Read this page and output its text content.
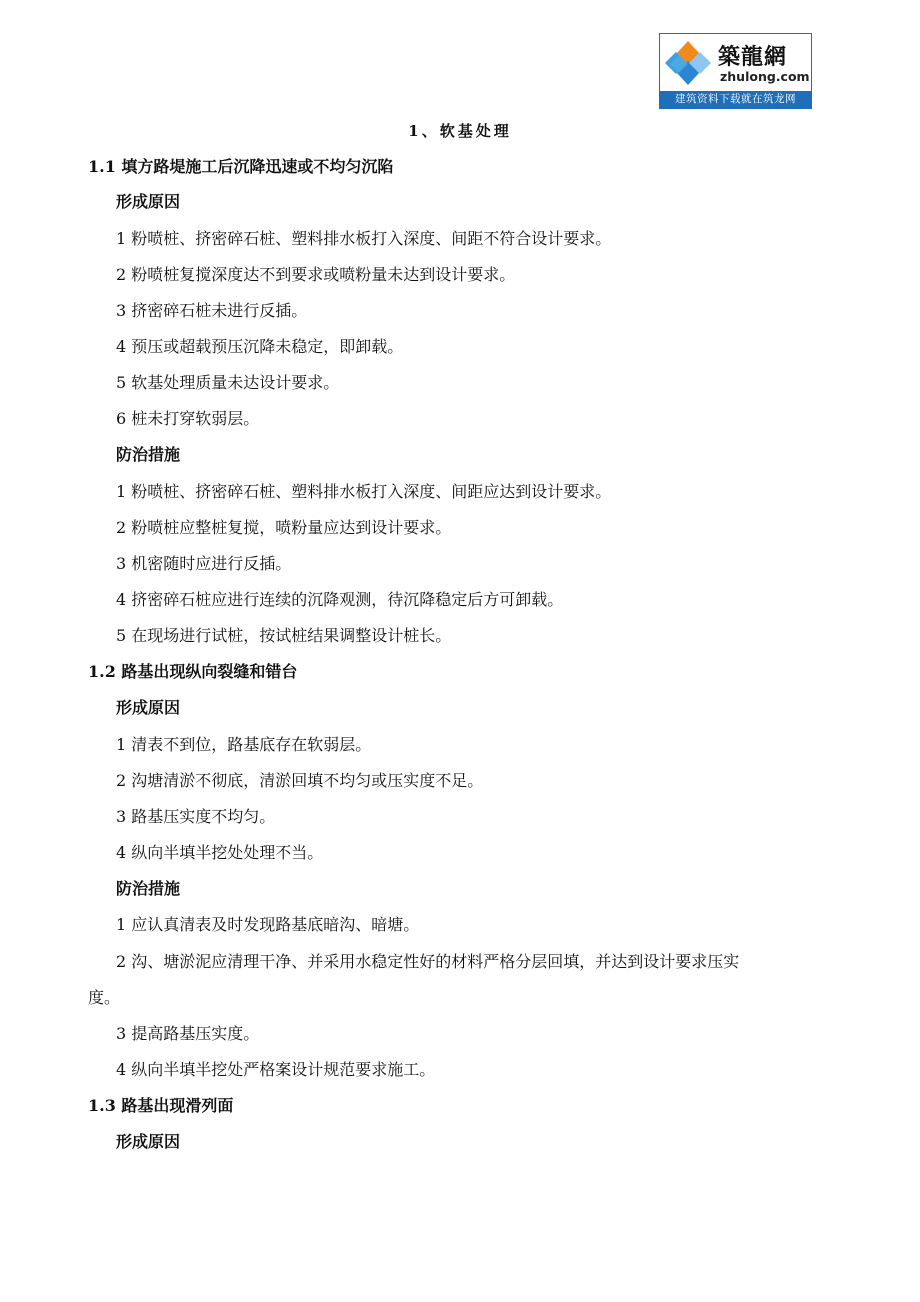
築龍網
zhulong.com
建筑资料下载就在筑龙网
1、软基处理
1.1 填方路堤施工后沉降迅速或不均匀沉陷
形成原因
1 粉喷桩、挤密碎石桩、塑料排水板打入深度、间距不符合设计要求。
2 粉喷桩复搅深度达不到要求或喷粉量未达到设计要求。
3 挤密碎石桩未进行反插。
4 预压或超载预压沉降未稳定，即卸载。
5 软基处理质量未达设计要求。
6 桩未打穿软弱层。
防治措施
1 粉喷桩、挤密碎石桩、塑料排水板打入深度、间距应达到设计要求。
2 粉喷桩应整桩复搅，喷粉量应达到设计要求。
3 机密随时应进行反插。
4 挤密碎石桩应进行连续的沉降观测，待沉降稳定后方可卸载。
5 在现场进行试桩，按试桩结果调整设计桩长。
1.2 路基出现纵向裂缝和错台
形成原因
1 清表不到位，路基底存在软弱层。
2 沟塘清淤不彻底，清淤回填不均匀或压实度不足。
3 路基压实度不均匀。
4 纵向半填半挖处处理不当。
防治措施
1 应认真清表及时发现路基底暗沟、暗塘。
2 沟、塘淤泥应清理干净、并采用水稳定性好的材料严格分层回填，并达到设计要求压实
度。
3 提高路基压实度。
4 纵向半填半挖处严格案设计规范要求施工。
1.3 路基出现滑列面
形成原因
